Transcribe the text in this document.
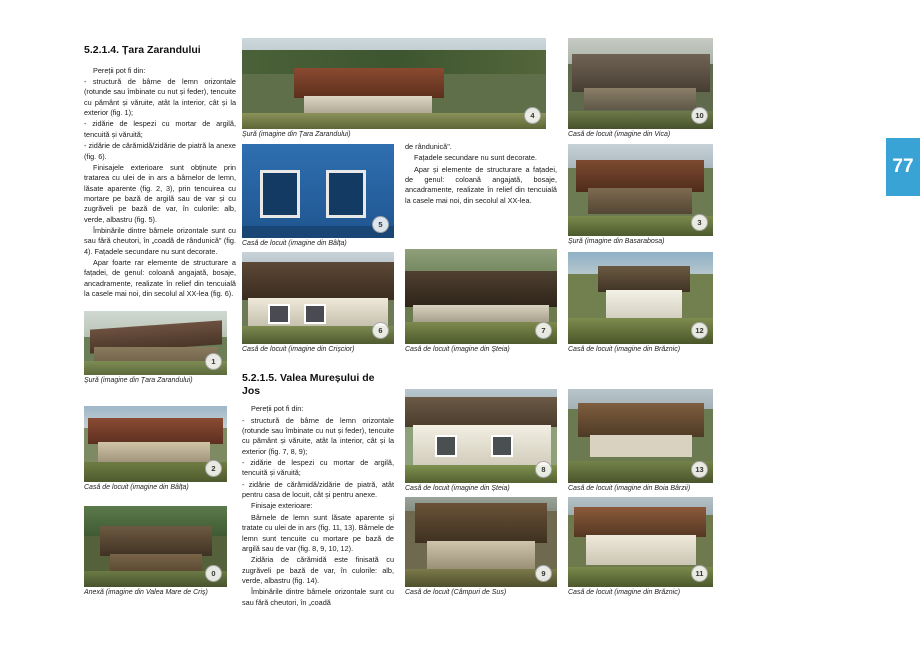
77
5.2.1.4. Țara Zarandului

Pereții pot fi din:

- structură de bârne de lemn orizontale (rotunde sau îmbinate cu nut și feder), tencuite cu pământ și văruite, atât la interior, cât și la exterior (fig. 1);

- zidărie de lespezi cu mortar de argilă, tencuită și văruită;

- zidărie de cărămidă/zidărie de piatră la anexe (fig. 6).

Finisajele exterioare sunt obținute prin tratarea cu ulei de in ars a bârnelor de lemn, lăsate aparente (fig. 2, 3), prin tencuirea cu mortare pe bază de argilă sau de var și cu zugrăveli pe bază de var, în culorile: alb, verde, albastru (fig. 5).

Îmbinările dintre bârnele orizontale sunt cu sau fără cheutori, în „coadă de rândunică" (fig. 4). Fațadele secundare nu sunt decorate.

Apar foarte rar elemente de structurare a fațadei, de genul: coloană angajată, bosaje, ancadramente, realizate în relief din tencuială la casele mai noi, din secolul al XX-lea (fig. 6).

1
Șură (imagine din Țara Zarandului)
2
Casă de locuit (imagine din Bâlța)
0
Anexă (imagine din Valea Mare de Criș)
4
Șură (imagine din Țara Zarandului)
5
Casă de locuit (imagine din Bâlța)
6
Casă de locuit (imagine din Crișcior)
5.2.1.5. Valea Mureșului de Jos

Pereții pot fi din:

- structură de bârne de lemn orizontale (rotunde sau îmbinate cu nut și feder), tencuite cu pământ și văruite, atât la interior, cât și la exterior (fig. 7, 8, 9);

- zidărie de lespezi cu mortar de argilă, tencuită și văruită;

- zidărie de cărămidă/zidărie de piatră, atât pentru casa de locuit, cât și pentru anexe.

Finisaje exterioare:

Bârnele de lemn sunt lăsate aparente și tratate cu ulei de in ars (fig. 11, 13). Bârnele de lemn sunt tencuite cu mortare pe bază de argilă sau de var (fig. 8, 9, 10, 12).

Zidăria de cărămidă este finisată cu zugrăveli pe bază de var, în culorile: alb, verde, albastru (fig. 14).

Îmbinările dintre bârnele orizontale sunt cu sau fără cheutori, în „coadă

de rândunică".

Fațadele secundare nu sunt decorate.

Apar și elemente de structurare a fațadei, de genul: coloană angajată, bosaje, ancadramente, realizate în relief din tencuială la casele mai noi, din secolul al XX-lea.

7
Casă de locuit (imagine din Șteia)
8
Casă de locuit (imagine din Șteia)
9
Casă de locuit (Câmpuri de Sus)
10
Casă de locuit (imagine din Vica)
3
Șură (imagine din Basarabosa)
12
Casă de locuit (imagine din Brăznic)
13
Casă de locuit (imagine din Boia Bârzii)
11
Casă de locuit (imagine din Brăznic)
